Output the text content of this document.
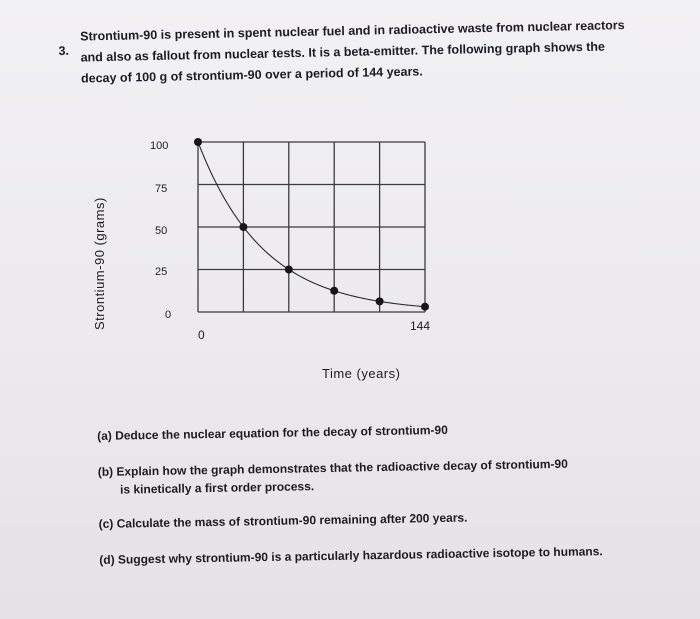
3.
Strontium-90 is present in spent nuclear fuel and in radioactive waste from nuclear reactors
and also as fallout from nuclear tests. It is a beta-emitter. The following graph shows the
decay of 100 g of strontium-90 over a period of 144 years.
Strontium-90 (grams)
Time (years)
100
75
50
25
0
0
144
(a) Deduce the nuclear equation for the decay of strontium-90
(b) Explain how the graph demonstrates that the radioactive decay of strontium-90
is kinetically a first order process.
(c) Calculate the mass of strontium-90 remaining after 200 years.
(d) Suggest why strontium-90 is a particularly hazardous radioactive isotope to humans.
